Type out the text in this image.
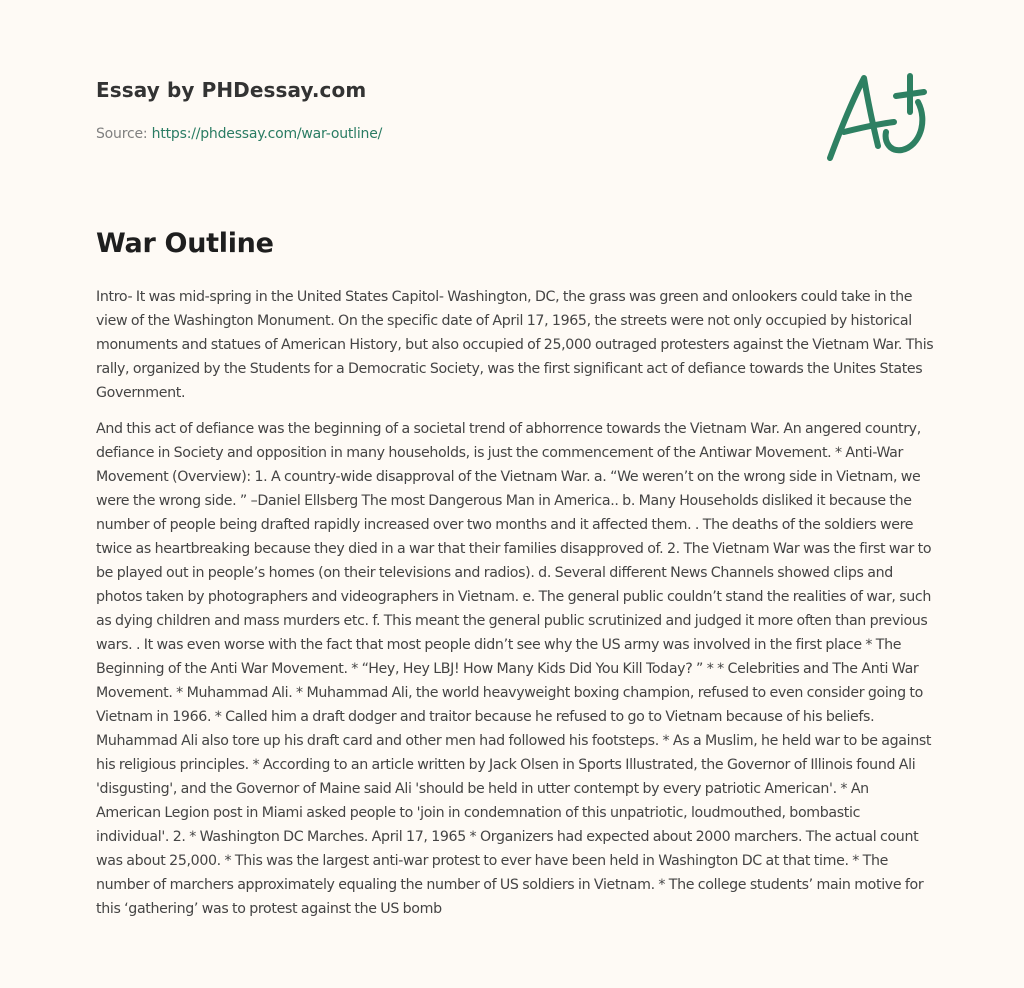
Essay by PHDessay.com
Source: https://phdessay.com/war-outline/
War Outline

Intro- It was mid-spring in the United States Capitol- Washington, DC, the grass was green and onlookers could take in the view of the Washington Monument. On the specific date of April 17, 1965, the streets were not only occupied by historical monuments and statues of American History, but also occupied of 25,000 outraged protesters against the Vietnam War. This rally, organized by the Students for a Democratic Society, was the first significant act of defiance towards the Unites States Government.

And this act of defiance was the beginning of a societal trend of abhorrence towards the Vietnam War. An angered country, defiance in Society and opposition in many households, is just the commencement of the Antiwar Movement. * Anti-War Movement (Overview): 1. A country-wide disapproval of the Vietnam War. a. “We weren’t on the wrong side in Vietnam, we were the wrong side. ” –Daniel Ellsberg The most Dangerous Man in America.. b. Many Households disliked it because the number of people being drafted rapidly increased over two months and it affected them. . The deaths of the soldiers were twice as heartbreaking because they died in a war that their families disapproved of. 2. The Vietnam War was the first war to be played out in people’s homes (on their televisions and radios). d. Several different News Channels showed clips and photos taken by photographers and videographers in Vietnam. e. The general public couldn’t stand the realities of war, such as dying children and mass murders etc. f. This meant the general public scrutinized and judged it more often than previous wars. . It was even worse with the fact that most people didn’t see why the US army was involved in the first place * The Beginning of the Anti War Movement. * “Hey, Hey LBJ! How Many Kids Did You Kill Today? ” * * Celebrities and The Anti War Movement. * Muhammad Ali. * Muhammad Ali, the world heavyweight boxing champion, refused to even consider going to Vietnam in 1966. * Called him a draft dodger and traitor because he refused to go to Vietnam because of his beliefs. Muhammad Ali also tore up his draft card and other men had followed his footsteps. * As a Muslim, he held war to be against his religious principles. * According to an article written by Jack Olsen in Sports Illustrated, the Governor of Illinois found Ali 'disgusting', and the Governor of Maine said Ali 'should be held in utter contempt by every patriotic American'. * An American Legion post in Miami asked people to 'join in condemnation of this unpatriotic, loudmouthed, bombastic individual'. 2. * Washington DC Marches. April 17, 1965 * Organizers had expected about 2000 marchers. The actual count was about 25,000. * This was the largest anti-war protest to ever have been held in Washington DC at that time. * The number of marchers approximately equaling the number of US soldiers in Vietnam. * The college students’ main motive for this ‘gathering’ was to protest against the US bomb
